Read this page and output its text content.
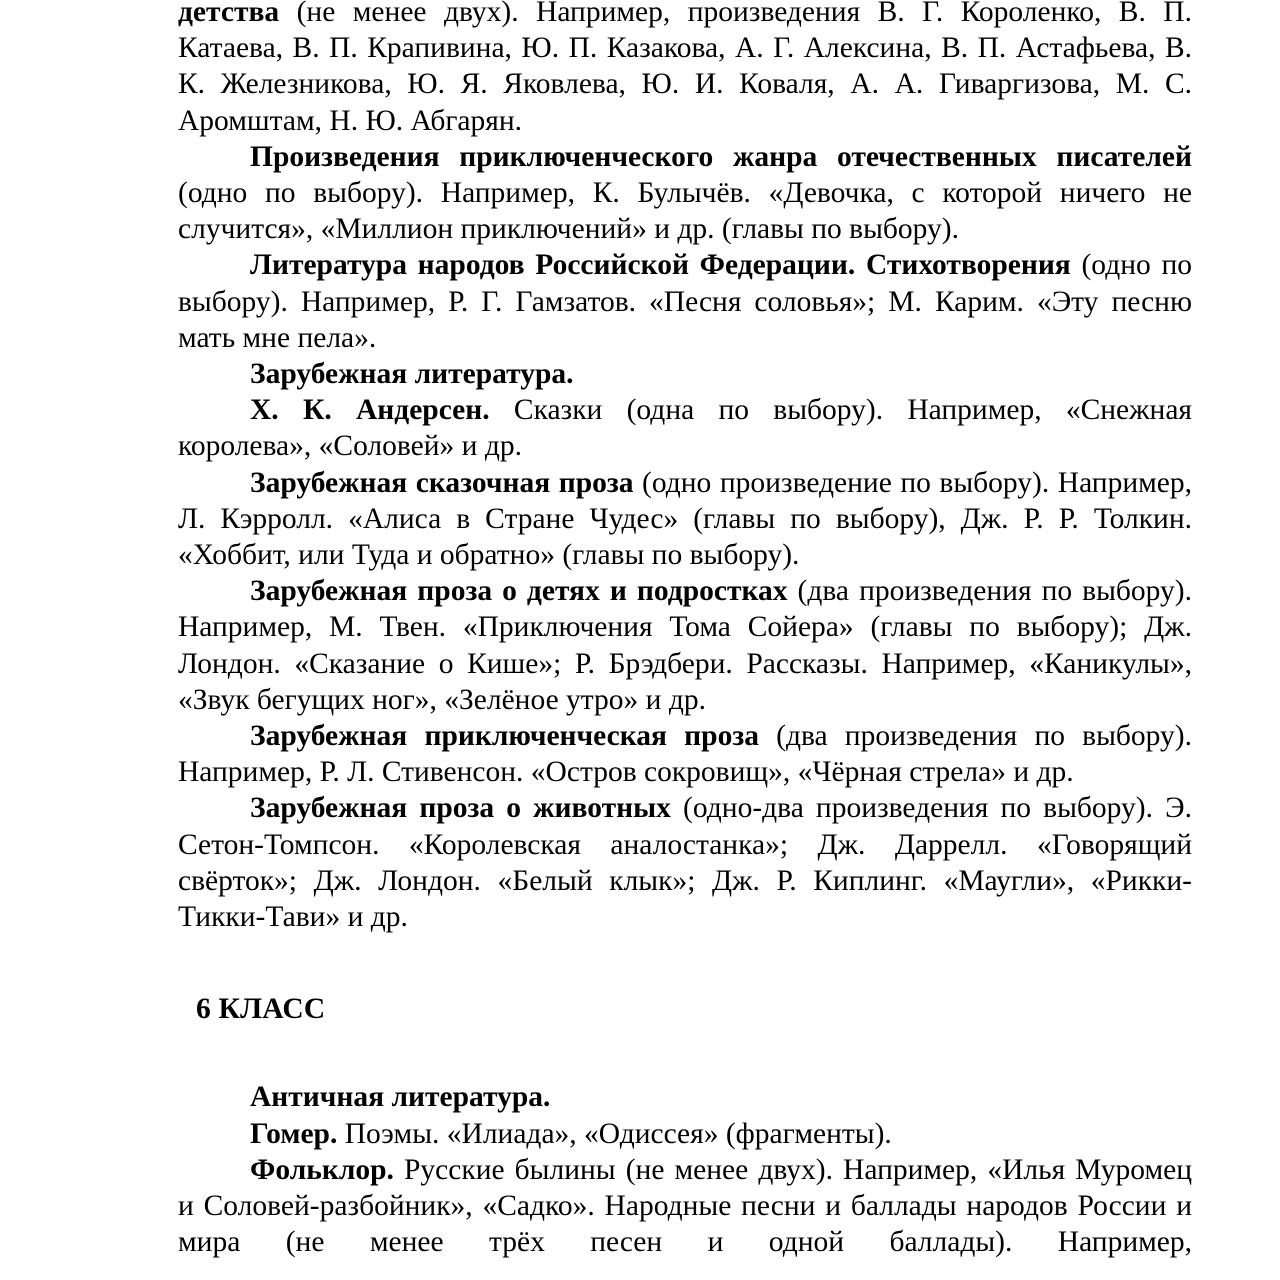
детства (не менее двух). Например, произведения В. Г. Короленко, В. П. Катаева, В. П. Крапивина, Ю. П. Казакова, А. Г. Алексина, В. П. Астафьева, В. К. Железникова, Ю. Я. Яковлева, Ю. И. Коваля, А. А. Гиваргизова, М. С. Аромштам, Н. Ю. Абгарян.

Произведения приключенческого жанра отечественных писателей (одно по выбору). Например, К. Булычёв. «Девочка, с которой ничего не случится», «Миллион приключений» и др. (главы по выбору).

Литература народов Российской Федерации. Стихотворения (одно по выбору). Например, Р. Г. Гамзатов. «Песня соловья»; М. Карим. «Эту песню мать мне пела».

Зарубежная литература.

Х. К. Андерсен. Сказки (одна по выбору). Например, «Снежная королева», «Соловей» и др.

Зарубежная сказочная проза (одно произведение по выбору). Например, Л. Кэрролл. «Алиса в Стране Чудес» (главы по выбору), Дж. Р. Р. Толкин. «Хоббит, или Туда и обратно» (главы по выбору).

Зарубежная проза о детях и подростках (два произведения по выбору). Например, М. Твен. «Приключения Тома Сойера» (главы по выбору); Дж. Лондон. «Сказание о Кише»; Р. Брэдбери. Рассказы. Например, «Каникулы», «Звук бегущих ног», «Зелёное утро» и др.

Зарубежная приключенческая проза (два произведения по выбору). Например, Р. Л. Стивенсон. «Остров сокровищ», «Чёрная стрела» и др.

Зарубежная проза о животных (одно-два произведения по выбору). Э. Сетон-Томпсон. «Королевская аналостанка»; Дж. Даррелл. «Говорящий свёрток»; Дж. Лондон. «Белый клык»; Дж. Р. Киплинг. «Маугли», «Рикки-Тикки-Тави» и др.

6 КЛАСС

Античная литература.

Гомер. Поэмы. «Илиада», «Одиссея» (фрагменты).

Фольклор. Русские былины (не менее двух). Например, «Илья Муромец и Соловей-разбойник», «Садко». Народные песни и баллады народов России и мира (не менее трёх песен и одной баллады). Например,
